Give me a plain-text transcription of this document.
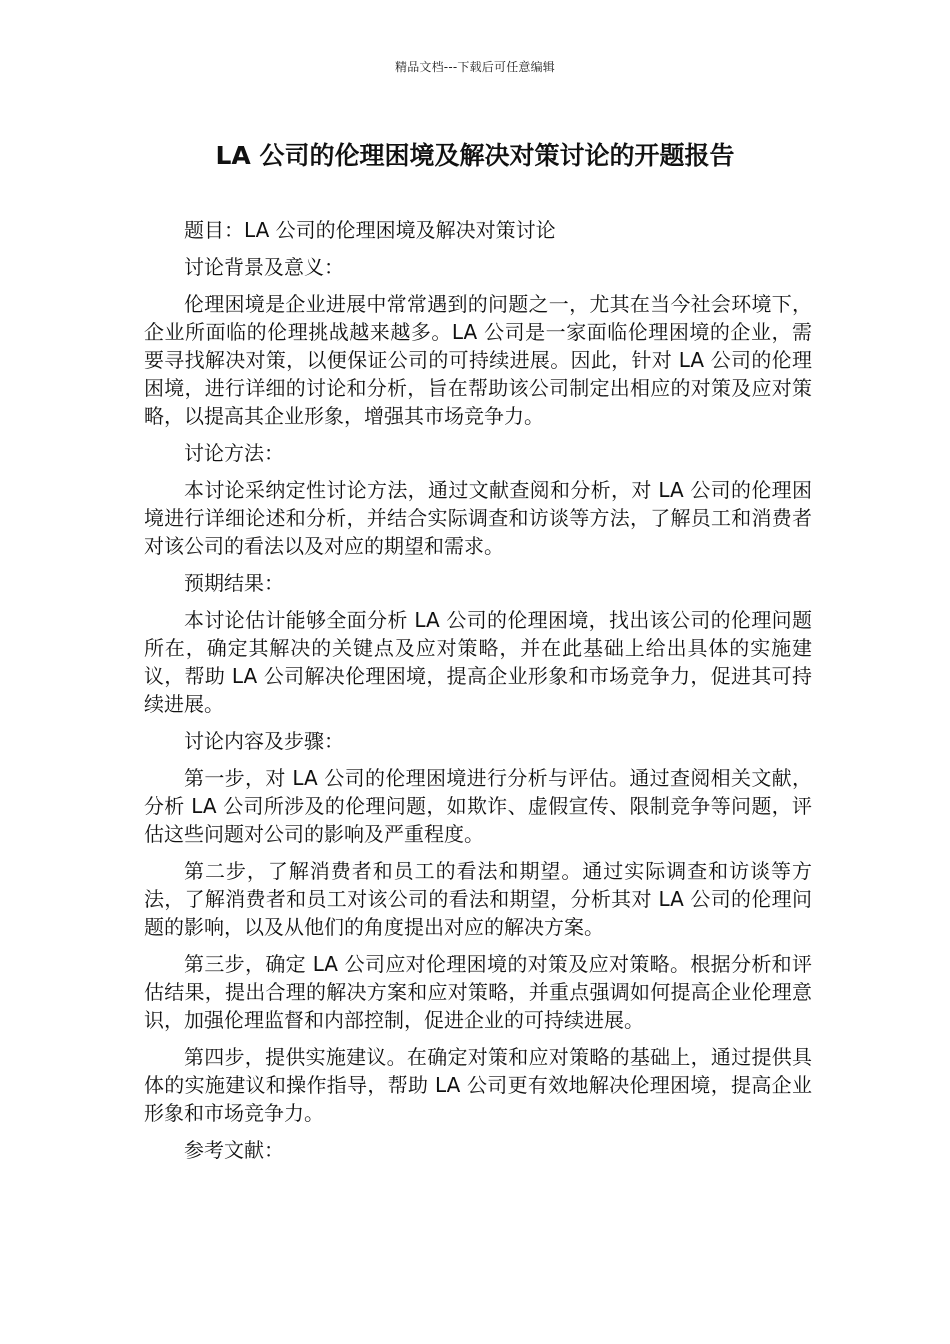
精品文档---下载后可任意编辑
LA 公司的伦理困境及解决对策讨论的开题报告

题目：LA 公司的伦理困境及解决对策讨论

讨论背景及意义：

伦理困境是企业进展中常常遇到的问题之一，尤其在当今社会环境下，企业所面临的伦理挑战越来越多。LA 公司是一家面临伦理困境的企业，需要寻找解决对策，以便保证公司的可持续进展。因此，针对 LA 公司的伦理困境，进行详细的讨论和分析，旨在帮助该公司制定出相应的对策及应对策略，以提高其企业形象，增强其市场竞争力。

讨论方法：

本讨论采纳定性讨论方法，通过文献查阅和分析，对 LA 公司的伦理困境进行详细论述和分析，并结合实际调查和访谈等方法，了解员工和消费者对该公司的看法以及对应的期望和需求。

预期结果：

本讨论估计能够全面分析 LA 公司的伦理困境，找出该公司的伦理问题所在，确定其解决的关键点及应对策略，并在此基础上给出具体的实施建议，帮助 LA 公司解决伦理困境，提高企业形象和市场竞争力，促进其可持续进展。

讨论内容及步骤：

第一步，对 LA 公司的伦理困境进行分析与评估。通过查阅相关文献，分析 LA 公司所涉及的伦理问题，如欺诈、虚假宣传、限制竞争等问题，评估这些问题对公司的影响及严重程度。

第二步，了解消费者和员工的看法和期望。通过实际调查和访谈等方法，了解消费者和员工对该公司的看法和期望，分析其对 LA 公司的伦理问题的影响，以及从他们的角度提出对应的解决方案。

第三步，确定 LA 公司应对伦理困境的对策及应对策略。根据分析和评估结果，提出合理的解决方案和应对策略，并重点强调如何提高企业伦理意识，加强伦理监督和内部控制，促进企业的可持续进展。

第四步，提供实施建议。在确定对策和应对策略的基础上，通过提供具体的实施建议和操作指导，帮助 LA 公司更有效地解决伦理困境，提高企业形象和市场竞争力。

参考文献：
